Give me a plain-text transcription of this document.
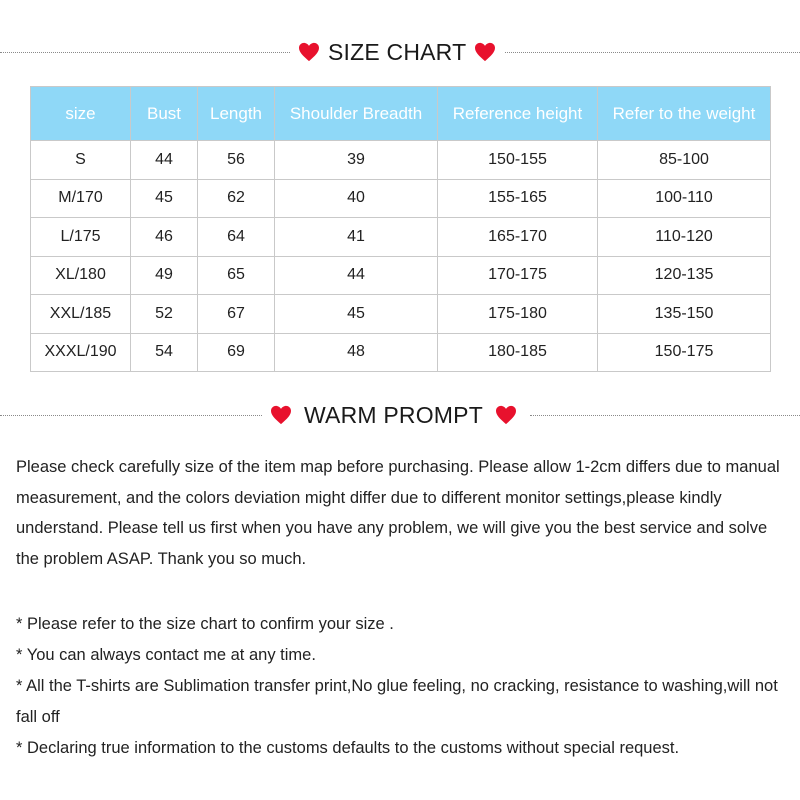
SIZE CHART
size	Bust	Length	Shoulder Breadth	Reference height	Refer to the weight
S	44	56	39	150-155	85-100
M/170	45	62	40	155-165	100-110
L/175	46	64	41	165-170	110-120
XL/180	49	65	44	170-175	120-135
XXL/185	52	67	45	175-180	135-150
XXXL/190	54	69	48	180-185	150-175
WARM PROMPT

Please check carefully size of the item map before purchasing. Please allow 1-2cm differs due to manual measurement, and the colors deviation might differ due to different monitor settings,please kindly understand. Please tell us first when you have any problem, we will give you the best service and solve the problem ASAP. Thank you so much.

* Please refer to the size chart to confirm your size .
* You can always contact me at any time.
* All the T-shirts are Sublimation transfer print,No glue feeling, no cracking, resistance to washing,will not fall off
* Declaring true information to the customs defaults to the customs without special request.
